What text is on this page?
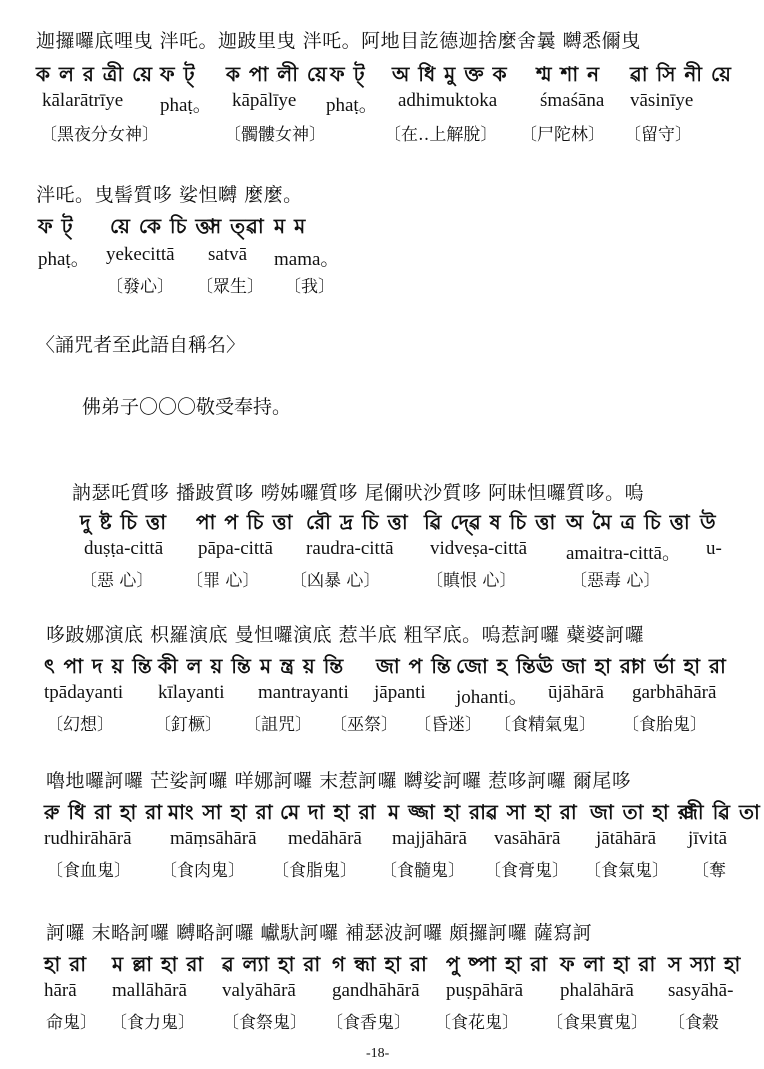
迦攞囉底哩曳 泮吒。迦跛里曳 泮吒。阿地目訖德迦捨麼舍曩 嚩悉儞曳
ক ল র ত্রী য়ে ফ ট্ ক পা লী য়ে ফ ট্ অ ধি মু ক্ত ক শ্ম শা ন ৱা সি নী য়ে
kālarātrīye phaṭ。 kāpālīye phaṭ。 adhimuktoka śmaśāna vāsinīye
〔黑夜分女神〕	〔髑髏女神〕	〔在‥上解脫〕 〔尸陀林〕 〔留守〕
泮吒。曳髻質哆 娑怛嚩 麼麼。
ফ ট্ য়ে কে চি ত্তা
স ত্ৱা ম ম
phaṭ。 yekecittā satvā mama。
〔發心〕 〔眾生〕 〔我〕
〈誦咒者至此語自稱名〉
佛弟子〇〇〇敬受奉持。
訥瑟吒質哆 播跛質哆 嘮姊囉質哆 尾儞吠沙質哆 阿昧怛囉質哆。嗚
দু ষ্ট চি ত্তা পা প চি ত্তা রৌ দ্র চি ত্তা ৱি দ্ৱে ষ চি ত্তা অ মৈ ত্র চি ত্তা উ
duṣṭa-cittā pāpa-cittā raudra-cittā vidveṣa-cittā amaitra-cittā。 u-
〔惡 心〕 〔罪 心〕 〔凶暴 心〕	〔瞋恨 心〕	〔惡毒 心〕
哆跛娜演底 枳羅演底 曼怛囉演底 惹半底 粗罕底。嗚惹訶囉 蘗婆訶囉
ৎ পা দ য় ন্তি কী ল য় ন্তি ম ন্ত্র য় ন্তি জা প ন্তি জো হ ন্তি ঊ জা হা রা
গ র্ভা হা রা
tpādayanti kīlayanti mantrayanti jāpanti johanti。 ūjāhārā garbhāhārā
〔幻想〕 〔釘橛〕 〔詛咒〕 〔巫祭〕 〔昏迷〕 〔食精氣鬼〕 〔食胎鬼〕
嚕地囉訶囉 芒娑訶囉 咩娜訶囉 末惹訶囉 嚩娑訶囉 惹哆訶囉 爾尾哆
রু ধি রা হা রা মাং সা হা রা মে দা হা রা ম জ্জা হা রা ৱ সা হা রা জা তা হা রা
জী ৱি তা
rudhirāhārā māṃsāhārā medāhārā majjāhārā vasāhārā jātāhārā jīvitā
〔食血鬼〕 〔食肉鬼〕 〔食脂鬼〕 〔食髓鬼〕 〔食膏鬼〕 〔食氣鬼〕 〔奪
訶囉 末略訶囉 嚩略訶囉 巘馱訶囉 補瑟波訶囉 頗攞訶囉 薩寫訶
হা রা ম ল্লা হা রা ৱ ল্যা হা রা গ ন্ধা হা রা পু ষ্পা হা রা ফ লা হা রা স স্যা হা
hārā mallāhārā valyāhārā gandhāhārā puṣpāhārā phalāhārā sasyāhā-
命鬼〕 〔食力鬼〕 〔食祭鬼〕 〔食香鬼〕 〔食花鬼〕 〔食果實鬼〕 〔食穀
-18-
